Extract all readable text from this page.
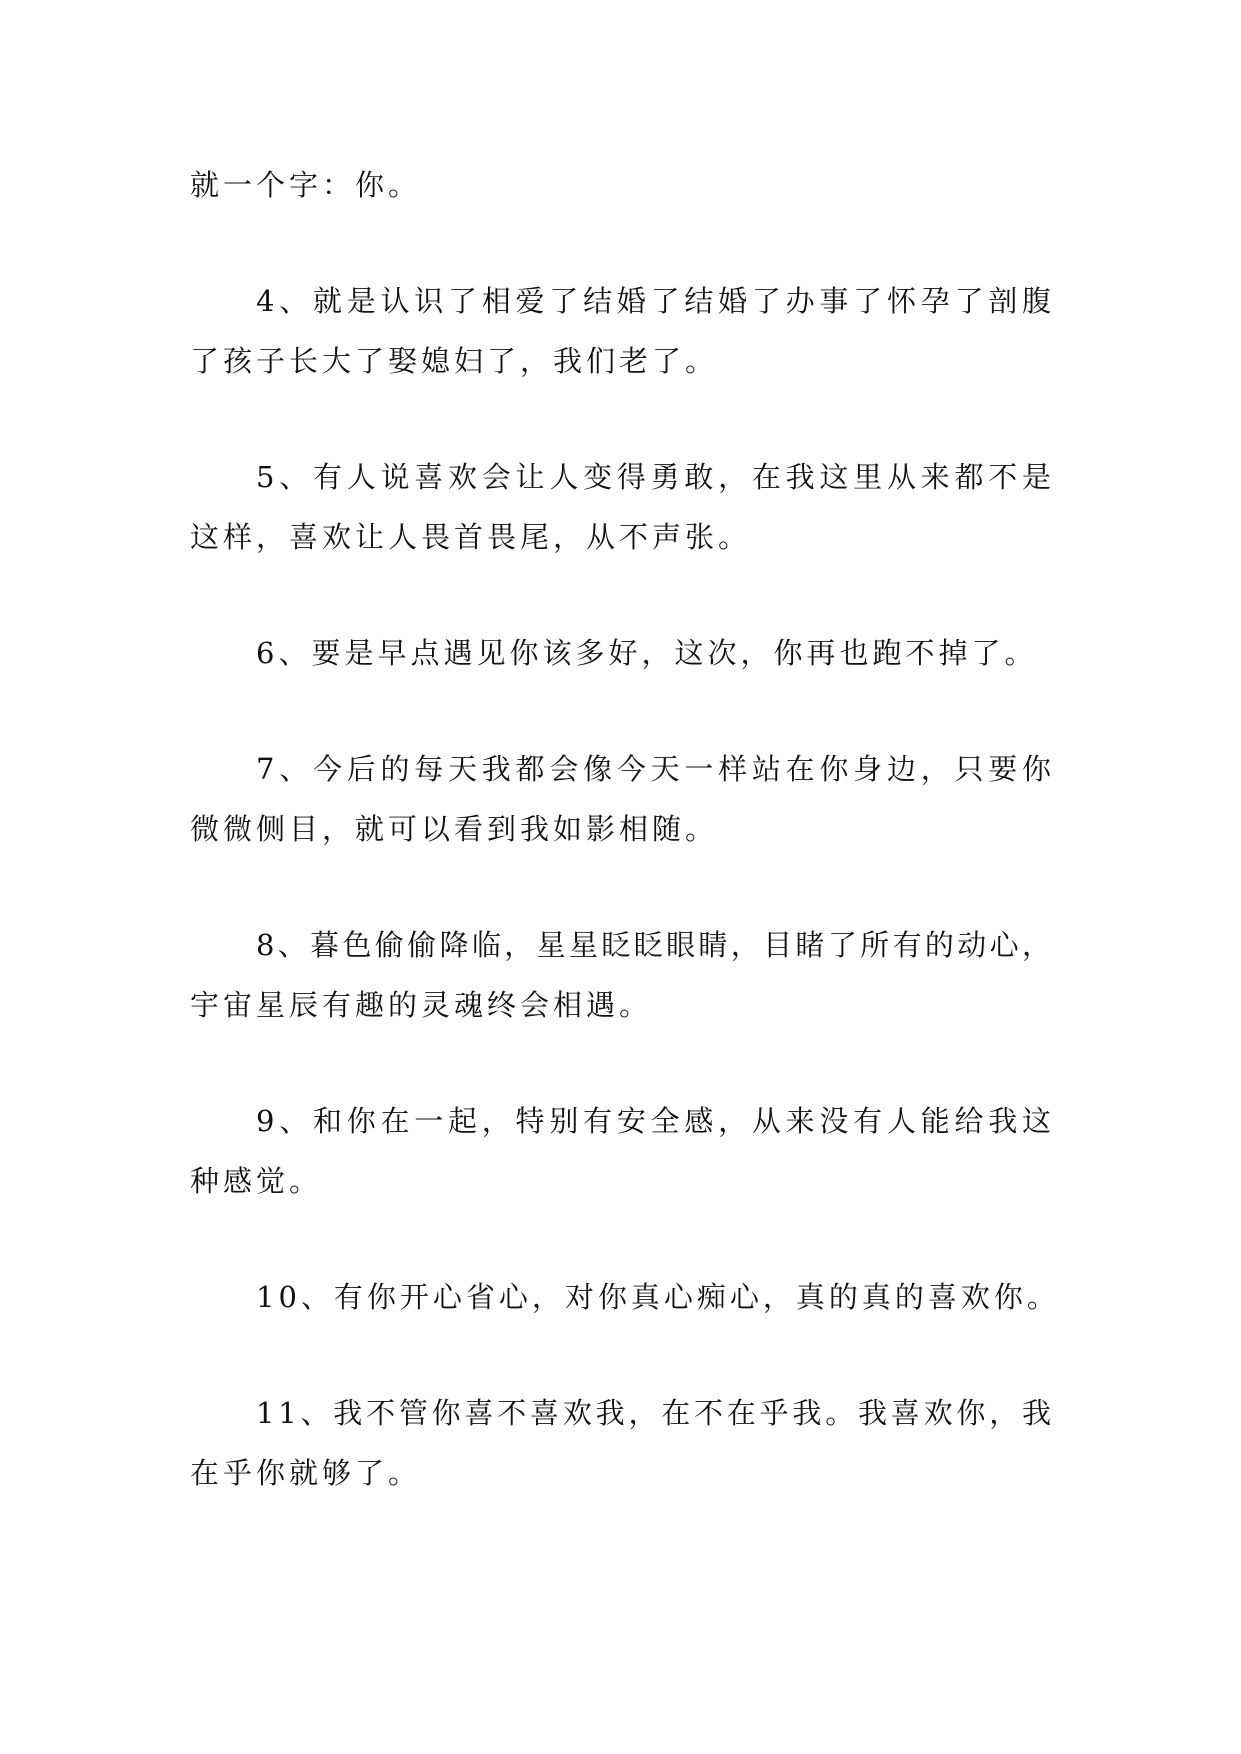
就一个字：你。
4、就是认识了相爱了结婚了结婚了办事了怀孕了剖腹
了孩子长大了娶媳妇了，我们老了。
5、有人说喜欢会让人变得勇敢，在我这里从来都不是
这样，喜欢让人畏首畏尾，从不声张。
6、要是早点遇见你该多好，这次，你再也跑不掉了。
7、今后的每天我都会像今天一样站在你身边，只要你
微微侧目，就可以看到我如影相随。
8、暮色偷偷降临，星星眨眨眼睛，目睹了所有的动心，
宇宙星辰有趣的灵魂终会相遇。
9、和你在一起，特别有安全感，从来没有人能给我这
种感觉。
10、有你开心省心，对你真心痴心，真的真的喜欢你。
11、我不管你喜不喜欢我，在不在乎我。我喜欢你，我
在乎你就够了。
